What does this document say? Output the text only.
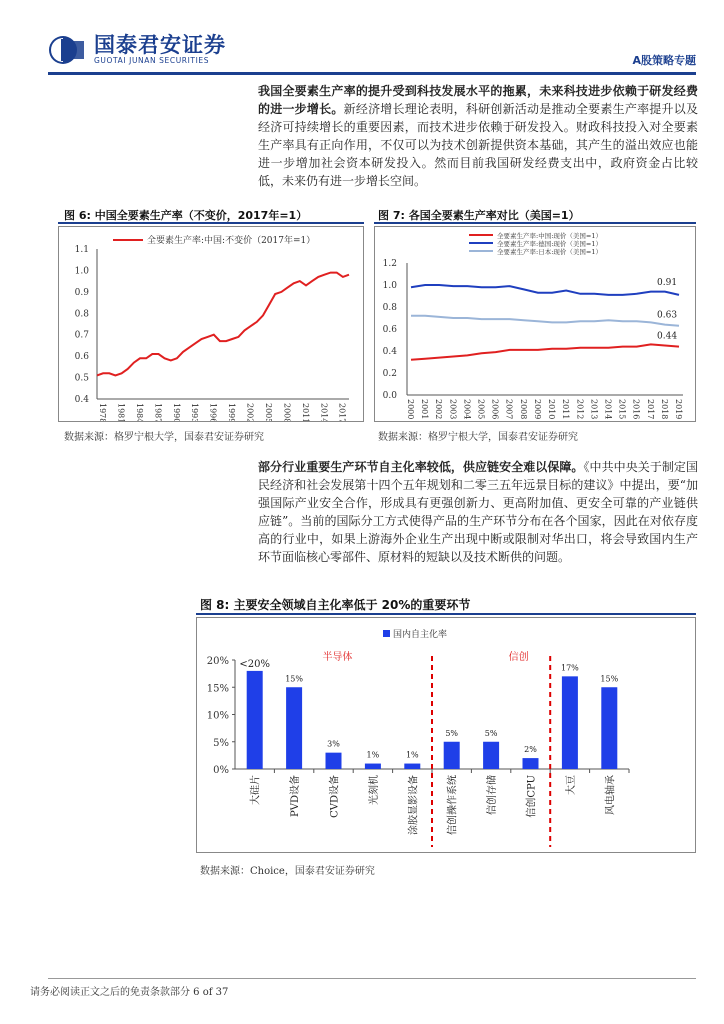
国泰君安证券
GUOTAI JUNAN SECURITIES	A股策略专题
我国全要素生产率的提升受到科技发展水平的拖累，未来科技进步依赖于研发经费的进一步增长。新经济增长理论表明，科研创新活动是推动全要素生产率提升以及经济可持续增长的重要因素，而技术进步依赖于研发投入。财政科技投入对全要素生产率具有正向作用，不仅可以为技术创新提供资本基础，其产生的溢出效应也能进一步增加社会资本研发投入。然而目前我国研发经费支出中，政府资金占比较低，未来仍有进一步增长空间。
图 6: 中国全要素生产率（不变价，2017年=1）	图 7: 各国全要素生产率对比（美国=1）
0.4
0.5
0.6
0.7
0.8
0.9
1.0
1.1
1978 1981 1984 1987 1990 1993 1996 1999 2002 2005 2008 2011 2014 2017
全要素生产率:中国:不变价（2017年=1）
0.0
0.2
0.4
0.6
0.8
1.0
1.2
2000 2001 2002 2003 2004 2005 2006 2007 2008 2009 2010 2011 2012 2013 2014 2015 2016 2017 2018 2019
全要素生产率:中国:现价（美国=1）
0.44
全要素生产率:德国:现价（美国=1）
0.91
全要素生产率:日本:现价（美国=1）
0.63
数据来源：格罗宁根大学，国泰君安证券研究	数据来源：格罗宁根大学，国泰君安证券研究
部分行业重要生产环节自主化率较低，供应链安全难以保障。《中共中央关于制定国民经济和社会发展第十四个五年规划和二零三五年远景目标的建议》中提出，要“加强国际产业安全合作，形成具有更强创新力、更高附加值、更安全可靠的产业链供应链”。当前的国际分工方式使得产品的生产环节分布在各个国家，因此在对依存度高的行业中，如果上游海外企业生产出现中断或限制对华出口，将会导致国内生产环节面临核心零部件、原材料的短缺以及技术断供的问题。
图 8: 主要安全领域自主化率低于 20%的重要环节
0%
5%
10%
15%
20% <20%
大硅片
15%
PVD设备
3%
CVD设备
1%
光刻机
1%
涂胶显影设备
5%
信创操作系统
5%
信创存储
2%
信创CPU
17%
大豆
15%
风电轴承
半导体	信创
国内自主化率
数据来源：Choice，国泰君安证券研究
请务必阅读正文之后的免责条款部分 6 of 37
